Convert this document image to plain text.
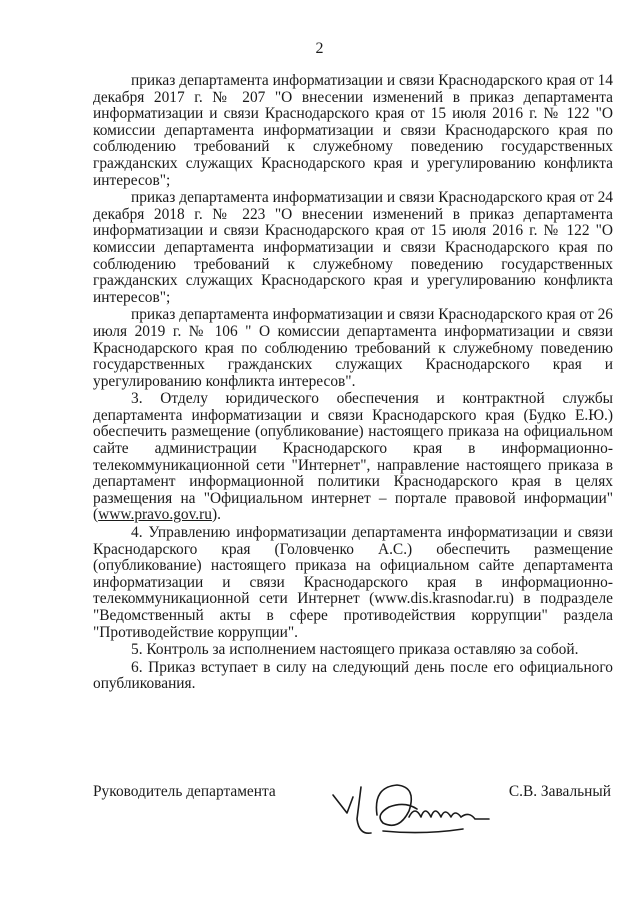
2

приказ департамента информатизации и связи Краснодарского края от 14 декабря 2017 г. № 207 "О внесении изменений в приказ департамента информатизации и связи Краснодарского края от 15 июля 2016 г. № 122 "О комиссии департамента информатизации и связи Краснодарского края по соблюдению требований к служебному поведению государственных гражданских служащих Краснодарского края и урегулированию конфликта интересов";

приказ департамента информатизации и связи Краснодарского края от 24 декабря 2018 г. № 223 "О внесении изменений в приказ департамента информатизации и связи Краснодарского края от 15 июля 2016 г. № 122 "О комиссии департамента информатизации и связи Краснодарского края по соблюдению требований к служебному поведению государственных гражданских служащих Краснодарского края и урегулированию конфликта интересов";

приказ департамента информатизации и связи Краснодарского края от 26 июля 2019 г. № 106 " О комиссии департамента информатизации и связи Краснодарского края по соблюдению требований к служебному поведению государственных гражданских служащих Краснодарского края и урегулированию конфликта интересов".

3. Отделу юридического обеспечения и контрактной службы департамента информатизации и связи Краснодарского края (Будко Е.Ю.) обеспечить размещение (опубликование) настоящего приказа на официальном сайте администрации Краснодарского края в информационно-телекоммуникационной сети "Интернет", направление настоящего приказа в департамент информационной политики Краснодарского края в целях размещения на "Официальном интернет – портале правовой информации" (www.pravo.gov.ru).

4. Управлению информатизации департамента информатизации и связи Краснодарского края (Головченко А.С.) обеспечить размещение (опубликование) настоящего приказа на официальном сайте департамента информатизации и связи Краснодарского края в информационно-телекоммуникационной сети Интернет (www.dis.krasnodar.ru) в подразделе "Ведомственный акты в сфере противодействия коррупции" раздела "Противодействие коррупции".

5. Контроль за исполнением настоящего приказа оставляю за собой.

6. Приказ вступает в силу на следующий день после его официального опубликования.

Руководитель департамента	С.В. Завальный
